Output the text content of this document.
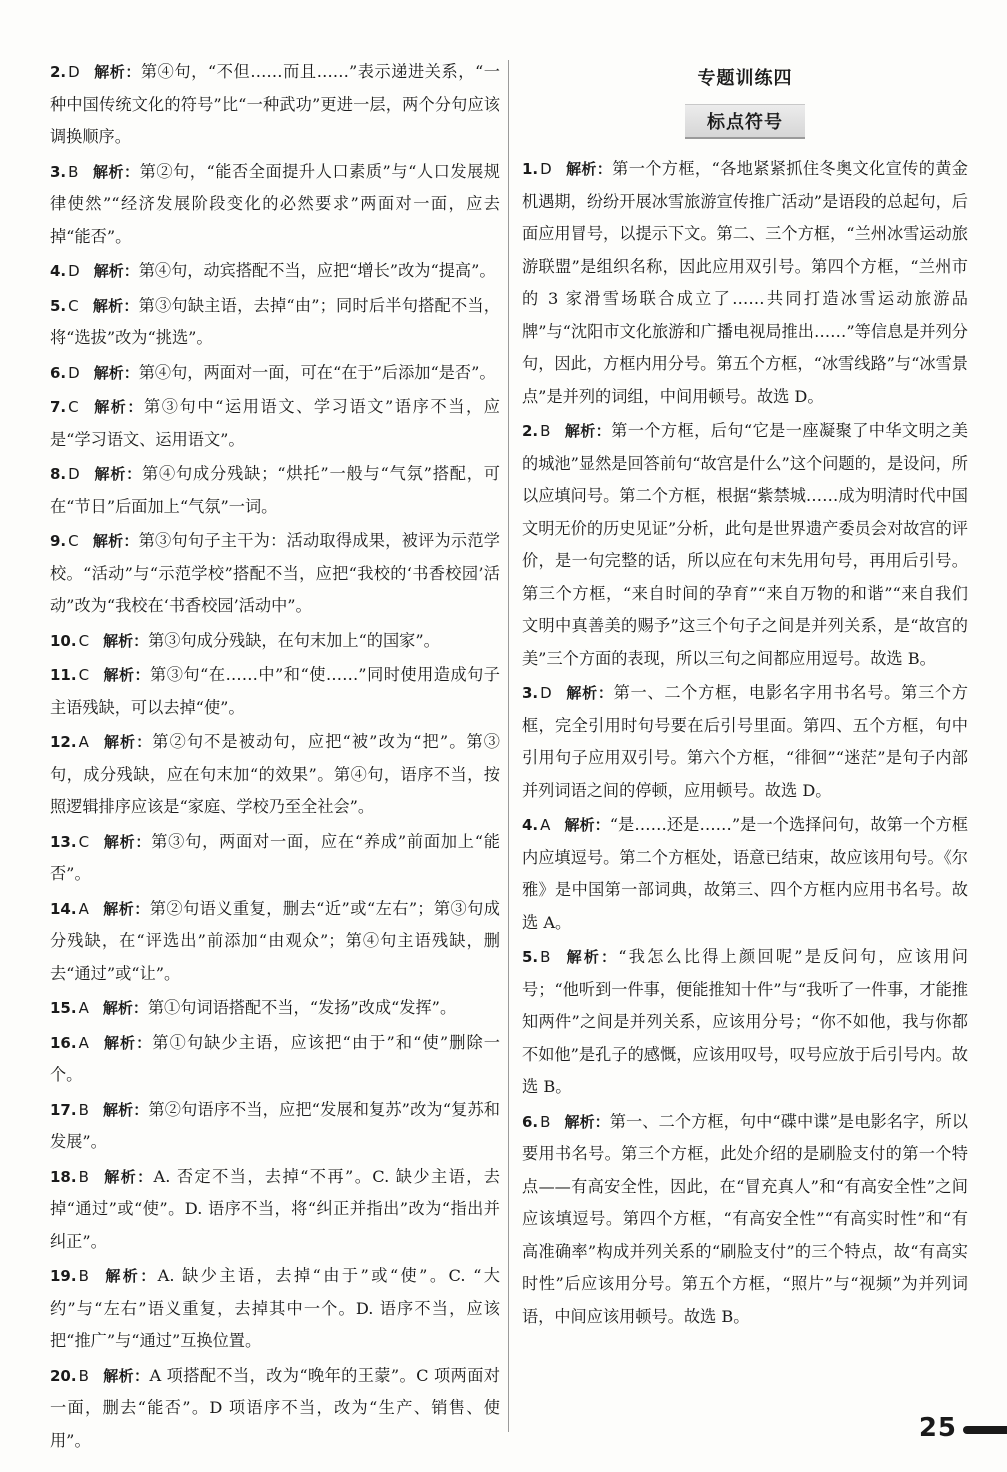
2. D 解析：第④句，“不但……而且……”表示递进关系，“一种中国传统文化的符号”比“一种武功”更进一层，两个分句应该调换顺序。
3. B 解析：第②句，“能否全面提升人口素质”与“人口发展规律使然”“经济发展阶段变化的必然要求”两面对一面，应去掉“能否”。
4. D 解析：第④句，动宾搭配不当，应把“增长”改为“提高”。
5. C 解析：第③句缺主语，去掉“由”；同时后半句搭配不当，将“选拔”改为“挑选”。
6. D 解析：第④句，两面对一面，可在“在于”后添加“是否”。
7. C 解析：第③句中“运用语文、学习语文”语序不当，应是“学习语文、运用语文”。
8. D 解析：第④句成分残缺；“烘托”一般与“气氛”搭配，可在“节日”后面加上“气氛”一词。
9. C 解析：第③句句子主干为：活动取得成果，被评为示范学校。“活动”与“示范学校”搭配不当，应把“我校的‘书香校园’活动”改为“我校在‘书香校园’活动中”。
10. C 解析：第③句成分残缺，在句末加上“的国家”。
11. C 解析：第③句“在……中”和“使……”同时使用造成句子主语残缺，可以去掉“使”。
12. A 解析：第②句不是被动句，应把“被”改为“把”。第③句，成分残缺，应在句末加“的效果”。第④句，语序不当，按照逻辑排序应该是“家庭、学校乃至全社会”。
13. C 解析：第③句，两面对一面，应在“养成”前面加上“能否”。
14. A 解析：第②句语义重复，删去“近”或“左右”；第③句成分残缺，在“评选出”前添加“由观众”；第④句主语残缺，删去“通过”或“让”。
15. A 解析：第①句词语搭配不当，“发扬”改成“发挥”。
16. A 解析：第①句缺少主语，应该把“由于”和“使”删除一个。
17. B 解析：第②句语序不当，应把“发展和复苏”改为“复苏和发展”。
18. B 解析：A. 否定不当，去掉“不再”。C. 缺少主语，去掉“通过”或“使”。D. 语序不当，将“纠正并指出”改为“指出并纠正”。
19. B 解析：A. 缺少主语，去掉“由于”或“使”。C. “大约”与“左右”语义重复，去掉其中一个。D. 语序不当，应该把“推广”与“通过”互换位置。
20. B 解析：A 项搭配不当，改为“晚年的王蒙”。C 项两面对一面，删去“能否”。D 项语序不当，改为“生产、销售、使用”。
专题训练四
标点符号
1. D 解析：第一个方框，“各地紧紧抓住冬奥文化宣传的黄金机遇期，纷纷开展冰雪旅游宣传推广活动”是语段的总起句，后面应用冒号，以提示下文。第二、三个方框，“兰州冰雪运动旅游联盟”是组织名称，因此应用双引号。第四个方框，“兰州市的 3 家滑雪场联合成立了……共同打造冰雪运动旅游品牌”与“沈阳市文化旅游和广播电视局推出……”等信息是并列分句，因此，方框内用分号。第五个方框，“冰雪线路”与“冰雪景点”是并列的词组，中间用顿号。故选 D。
2. B 解析：第一个方框，后句“它是一座凝聚了中华文明之美的城池”显然是回答前句“故宫是什么”这个问题的，是设问，所以应填问号。第二个方框，根据“紫禁城……成为明清时代中国文明无价的历史见证”分析，此句是世界遗产委员会对故宫的评价，是一句完整的话，所以应在句末先用句号，再用后引号。第三个方框，“来自时间的孕育”“来自万物的和谐”“来自我们文明中真善美的赐予”这三个句子之间是并列关系，是“故宫的美”三个方面的表现，所以三句之间都应用逗号。故选 B。
3. D 解析：第一、二个方框，电影名字用书名号。第三个方框，完全引用时句号要在后引号里面。第四、五个方框，句中引用句子应用双引号。第六个方框，“徘徊”“迷茫”是句子内部并列词语之间的停顿，应用顿号。故选 D。
4. A 解析：“是……还是……”是一个选择问句，故第一个方框内应填逗号。第二个方框处，语意已结束，故应该用句号。《尔雅》是中国第一部词典，故第三、四个方框内应用书名号。故选 A。
5. B 解析：“我怎么比得上颜回呢”是反问句，应该用问号；“他听到一件事，便能推知十件”与“我听了一件事，才能推知两件”之间是并列关系，应该用分号；“你不如他，我与你都不如他”是孔子的感慨，应该用叹号，叹号应放于后引号内。故选 B。
6. B 解析：第一、二个方框，句中“碟中谍”是电影名字，所以要用书名号。第三个方框，此处介绍的是刷脸支付的第一个特点——有高安全性，因此，在“冒充真人”和“有高安全性”之间应该填逗号。第四个方框，“有高安全性”“有高实时性”和“有高准确率”构成并列关系的“刷脸支付”的三个特点，故“有高实时性”后应该用分号。第五个方框，“照片”与“视频”为并列词语，中间应该用顿号。故选 B。
25
